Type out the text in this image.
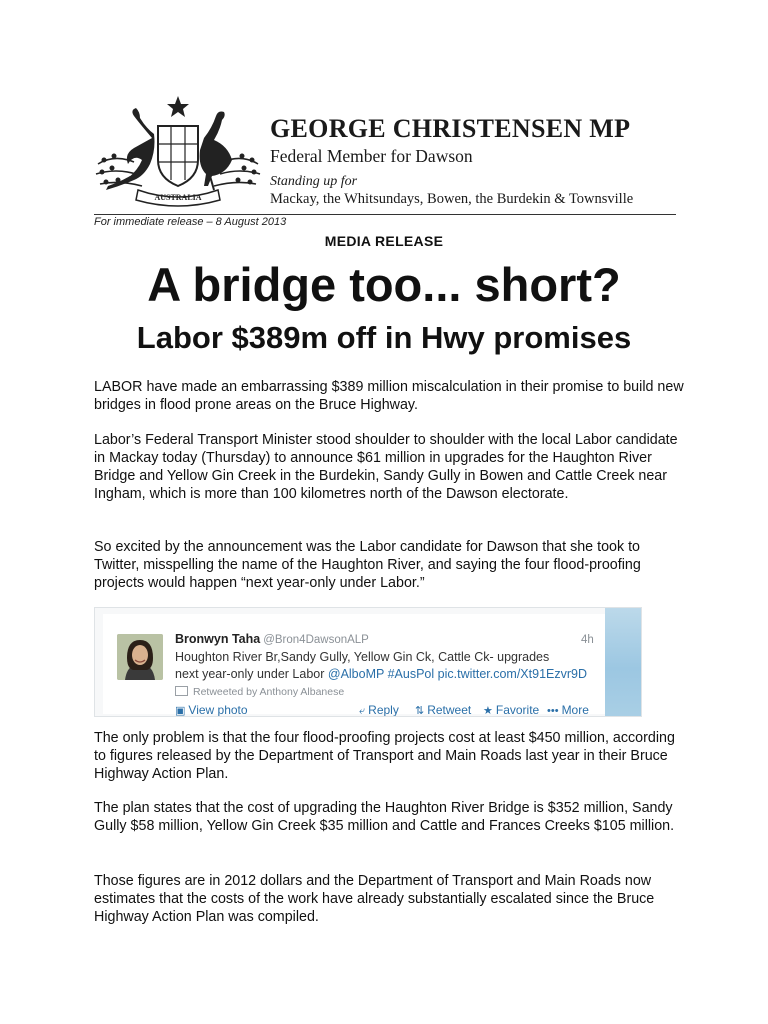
AUSTRALIA
GEORGE CHRISTENSEN MP
Federal Member for Dawson
Standing up for
Mackay, the Whitsundays, Bowen, the Burdekin & Townsville
For immediate release – 8 August 2013
MEDIA RELEASE
A bridge too... short?
Labor $389m off in Hwy promises

LABOR have made an embarrassing $389 million miscalculation in their promise to build new bridges in flood prone areas on the Bruce Highway.

Labor’s Federal Transport Minister stood shoulder to shoulder with the local Labor candidate in Mackay today (Thursday) to announce $61 million in upgrades for the Haughton River Bridge and Yellow Gin Creek in the Burdekin, Sandy Gully in Bowen and Cattle Creek near Ingham, which is more than 100 kilometres north of the Dawson electorate.

So excited by the announcement was the Labor candidate for Dawson that she took to Twitter, misspelling the name of the Haughton River, and saying the four flood-proofing projects would happen “next year-only under Labor.”

Bronwyn Taha @Bron4DawsonALP	4h
Houghton River Br,Sandy Gully, Yellow Gin Ck, Cattle Ck- upgrades
next year-only under Labor @AlboMP #AusPol pic.twitter.com/Xt91Ezvr9D
Retweeted by Anthony Albanese
▣ View photo	⤶ Reply ⇅ Retweet ★ Favorite ••• More

The only problem is that the four flood-proofing projects cost at least $450 million, according to figures released by the Department of Transport and Main Roads last year in their Bruce Highway Action Plan.

The plan states that the cost of upgrading the Haughton River Bridge is $352 million, Sandy Gully $58 million, Yellow Gin Creek $35 million and Cattle and Frances Creeks $105 million.

Those figures are in 2012 dollars and the Department of Transport and Main Roads now estimates that the costs of the work have already substantially escalated since the Bruce Highway Action Plan was compiled.
